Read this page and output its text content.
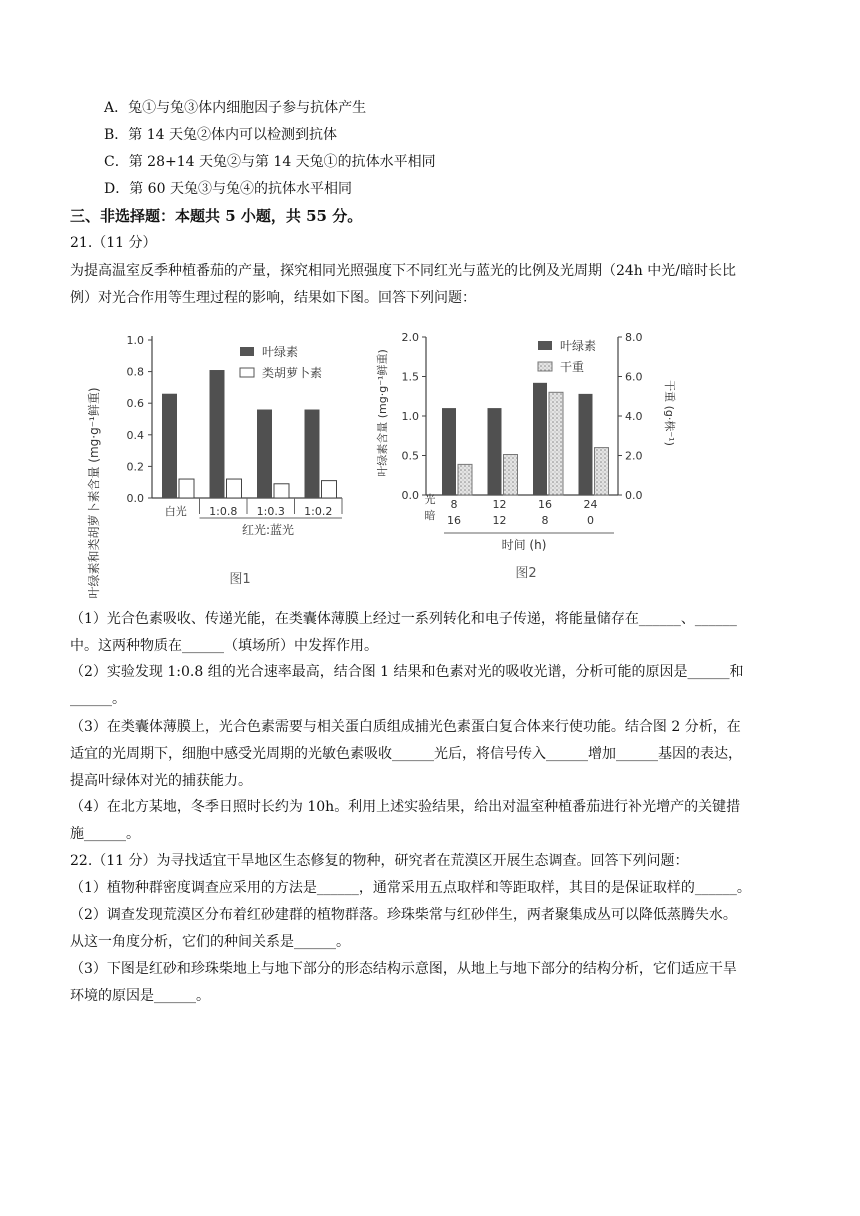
A．兔①与兔③体内细胞因子参与抗体产生
B．第 14 天兔②体内可以检测到抗体
C．第 28+14 天兔②与第 14 天兔①的抗体水平相同
D．第 60 天兔③与兔④的抗体水平相同
三、非选择题：本题共 5 小题，共 55 分。
21.（11 分）
为提高温室反季种植番茄的产量，探究相同光照强度下不同红光与蓝光的比例及光周期（24h 中光/暗时长比
例）对光合作用等生理过程的影响，结果如下图。回答下列问题：
0.0
0.2
0.4
0.6
0.8
1.0
白光 1:0.8 1:0.3 1:0.2
叶绿素和类胡萝卜素含量 (mg·g⁻¹鲜重)
叶绿素
类胡萝卜素
红光:蓝光
图1
0.0
0.5
1.0
1.5
2.0
0.0
2.0
4.0
6.0
8.0
8
16
12
12
16
8
24
0
叶绿素含量 (mg·g⁻¹鲜重)	干重 (g·株⁻¹)
叶绿素
干重
光
暗
时间 (h)
图2
（1）光合色素吸收、传递光能，在类囊体薄膜上经过一系列转化和电子传递，将能量储存在______、______
中。这两种物质在______（填场所）中发挥作用。
（2）实验发现 1:0.8 组的光合速率最高，结合图 1 结果和色素对光的吸收光谱，分析可能的原因是______和
______。
（3）在类囊体薄膜上，光合色素需要与相关蛋白质组成捕光色素蛋白复合体来行使功能。结合图 2 分析，在
适宜的光周期下，细胞中感受光周期的光敏色素吸收______光后，将信号传入______增加______基因的表达，
提高叶绿体对光的捕获能力。
（4）在北方某地，冬季日照时长约为 10h。利用上述实验结果，给出对温室种植番茄进行补光增产的关键措
施______。
22.（11 分）为寻找适宜干旱地区生态修复的物种，研究者在荒漠区开展生态调查。回答下列问题：
（1）植物种群密度调查应采用的方法是______，通常采用五点取样和等距取样，其目的是保证取样的______。
（2）调查发现荒漠区分布着红砂建群的植物群落。珍珠柴常与红砂伴生，两者聚集成丛可以降低蒸腾失水。
从这一角度分析，它们的种间关系是______。
（3）下图是红砂和珍珠柴地上与地下部分的形态结构示意图，从地上与地下部分的结构分析，它们适应干旱
环境的原因是______。
